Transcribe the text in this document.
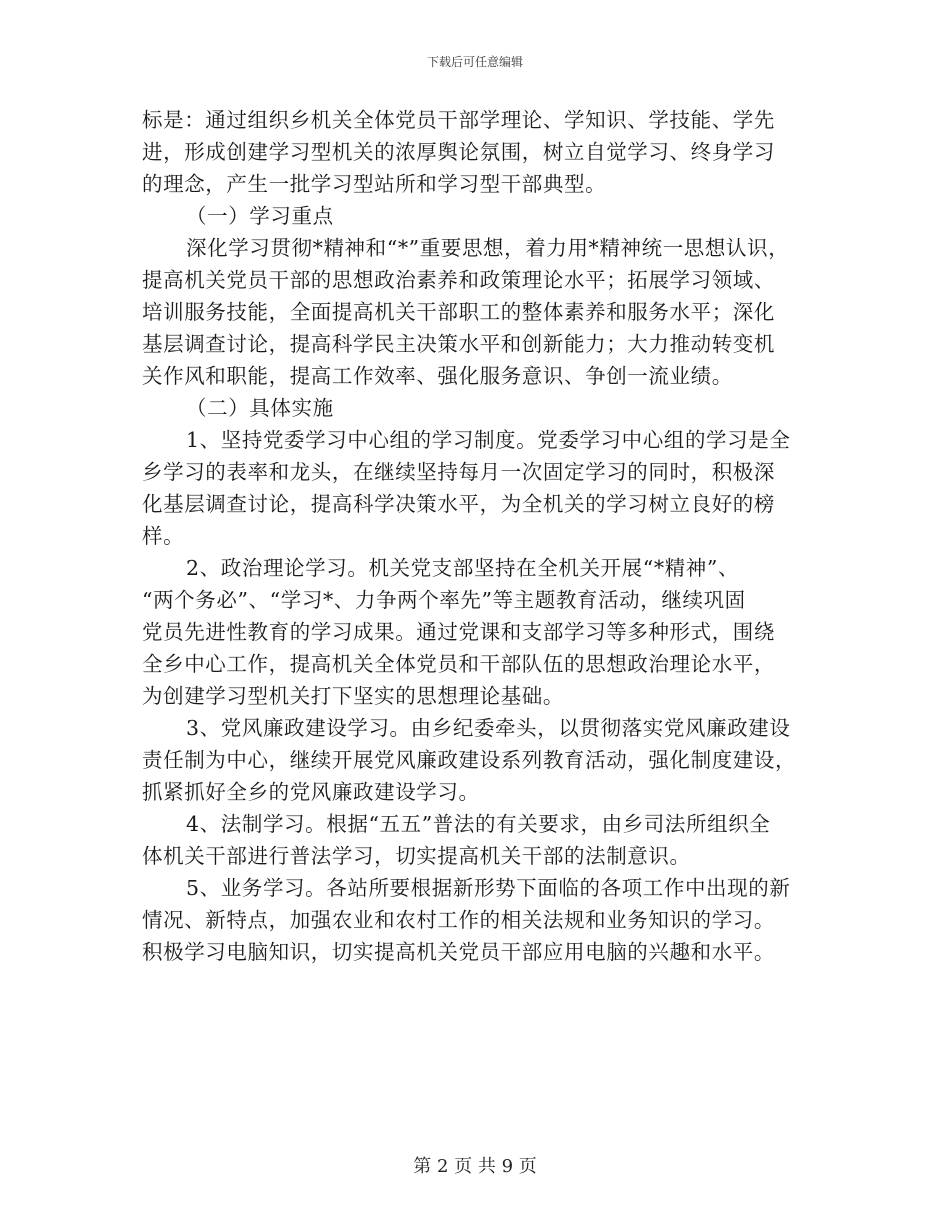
下载后可任意编辑
标是：通过组织乡机关全体党员干部学理论、学知识、学技能、学先
进，形成创建学习型机关的浓厚舆论氛围，树立自觉学习、终身学习
的理念，产生一批学习型站所和学习型干部典型。
（一）学习重点
深化学习贯彻*精神和“*”重要思想，着力用*精神统一思想认识，
提高机关党员干部的思想政治素养和政策理论水平；拓展学习领域、
培训服务技能，全面提高机关干部职工的整体素养和服务水平；深化
基层调查讨论，提高科学民主决策水平和创新能力；大力推动转变机
关作风和职能，提高工作效率、强化服务意识、争创一流业绩。
（二）具体实施
1、坚持党委学习中心组的学习制度。党委学习中心组的学习是全
乡学习的表率和龙头，在继续坚持每月一次固定学习的同时，积极深
化基层调查讨论，提高科学决策水平，为全机关的学习树立良好的榜
样。
2、政治理论学习。机关党支部坚持在全机关开展“*精神”、
“两个务必”、“学习*、力争两个率先”等主题教育活动，继续巩固
党员先进性教育的学习成果。通过党课和支部学习等多种形式，围绕
全乡中心工作，提高机关全体党员和干部队伍的思想政治理论水平，
为创建学习型机关打下坚实的思想理论基础。
3、党风廉政建设学习。由乡纪委牵头，以贯彻落实党风廉政建设
责任制为中心，继续开展党风廉政建设系列教育活动，强化制度建设，
抓紧抓好全乡的党风廉政建设学习。
4、法制学习。根据“五五”普法的有关要求，由乡司法所组织全
体机关干部进行普法学习，切实提高机关干部的法制意识。
5、业务学习。各站所要根据新形势下面临的各项工作中出现的新
情况、新特点，加强农业和农村工作的相关法规和业务知识的学习。
积极学习电脑知识，切实提高机关党员干部应用电脑的兴趣和水平。
第 2 页 共 9 页
